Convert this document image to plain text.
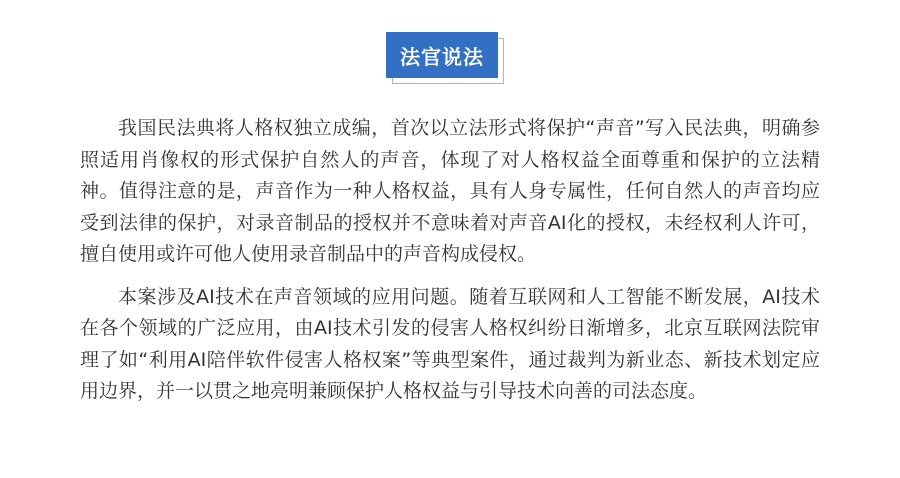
法官说法

我国民法典将人格权独立成编，首次以立法形式将保护“声音”写入民法典，明确参照适用肖像权的形式保护自然人的声音，体现了对人格权益全面尊重和保护的立法精神。值得注意的是，声音作为一种人格权益，具有人身专属性，任何自然人的声音均应受到法律的保护，对录音制品的授权并不意味着对声音AI化的授权，未经权利人许可，擅自使用或许可他人使用录音制品中的声音构成侵权。

本案涉及AI技术在声音领域的应用问题。随着互联网和人工智能不断发展，AI技术在各个领域的广泛应用，由AI技术引发的侵害人格权纠纷日渐增多，北京互联网法院审理了如“利用AI陪伴软件侵害人格权案”等典型案件，通过裁判为新业态、新技术划定应用边界，并一以贯之地亮明兼顾保护人格权益与引导技术向善的司法态度。
